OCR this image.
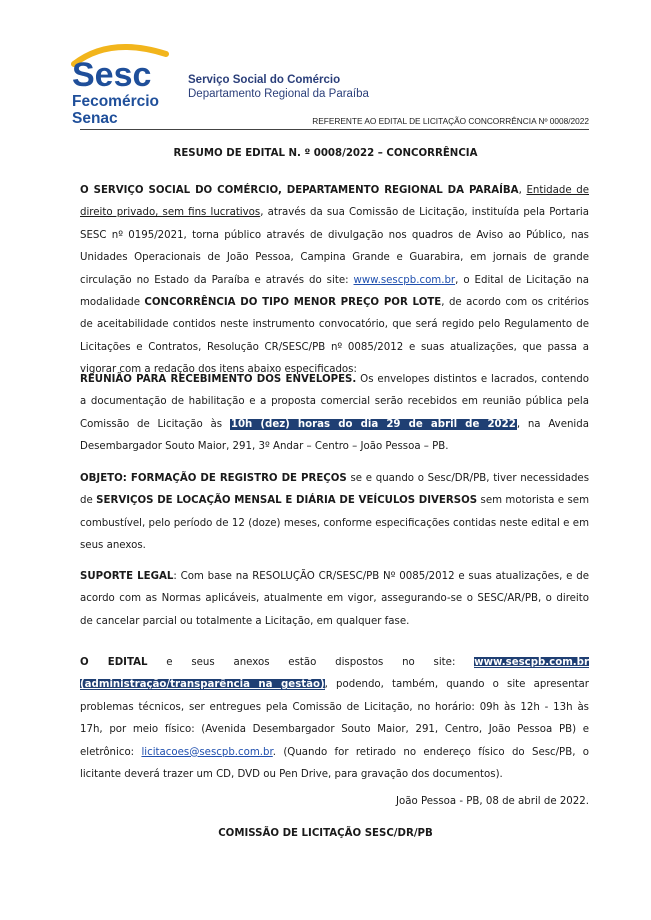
Sesc
Fecomércio
Senac
Serviço Social do Comércio
Departamento Regional da Paraíba
REFERENTE AO EDITAL DE LICITAÇÃO CONCORRÊNCIA Nº 0008/2022
RESUMO DE EDITAL N. º 0008/2022 – CONCORRÊNCIA
O SERVIÇO SOCIAL DO COMÉRCIO, DEPARTAMENTO REGIONAL DA PARAÍBA, Entidade de direito privado, sem fins lucrativos, através da sua Comissão de Licitação, instituída pela Portaria SESC nº 0195/2021, torna público através de divulgação nos quadros de Aviso ao Público, nas Unidades Operacionais de João Pessoa, Campina Grande e Guarabira, em jornais de grande circulação no Estado da Paraíba e através do site: www.sescpb.com.br, o Edital de Licitação na modalidade CONCORRÊNCIA DO TIPO MENOR PREÇO POR LOTE, de acordo com os critérios de aceitabilidade contidos neste instrumento convocatório, que será regido pelo Regulamento de Licitações e Contratos, Resolução CR/SESC/PB nº 0085/2012 e suas atualizações, que passa a vigorar com a redação dos itens abaixo especificados:
REUNIÃO PARA RECEBIMENTO DOS ENVELOPES. Os envelopes distintos e lacrados, contendo a documentação de habilitação e a proposta comercial serão recebidos em reunião pública pela Comissão de Licitação às 10h (dez) horas do dia 29 de abril de 2022, na Avenida Desembargador Souto Maior, 291, 3º Andar – Centro – João Pessoa – PB.
OBJETO: FORMAÇÃO DE REGISTRO DE PREÇOS se e quando o Sesc/DR/PB, tiver necessidades de SERVIÇOS DE LOCAÇÃO MENSAL E DIÁRIA DE VEÍCULOS DIVERSOS sem motorista e sem combustível, pelo período de 12 (doze) meses, conforme especificações contidas neste edital e em seus anexos.
SUPORTE LEGAL: Com base na RESOLUÇÃO CR/SESC/PB Nº 0085/2012 e suas atualizações, e de acordo com as Normas aplicáveis, atualmente em vigor, assegurando-se o SESC/AR/PB, o direito de cancelar parcial ou totalmente a Licitação, em qualquer fase.
O EDITAL e seus anexos estão dispostos no site: www.sescpb.com.br (administração/transparência na gestão), podendo, também, quando o site apresentar problemas técnicos, ser entregues pela Comissão de Licitação, no horário: 09h às 12h - 13h às 17h, por meio físico: (Avenida Desembargador Souto Maior, 291, Centro, João Pessoa PB) e eletrônico: licitacoes@sescpb.com.br. (Quando for retirado no endereço físico do Sesc/PB, o licitante deverá trazer um CD, DVD ou Pen Drive, para gravação dos documentos).
João Pessoa - PB, 08 de abril de 2022.
COMISSÃO DE LICITAÇÃO SESC/DR/PB
